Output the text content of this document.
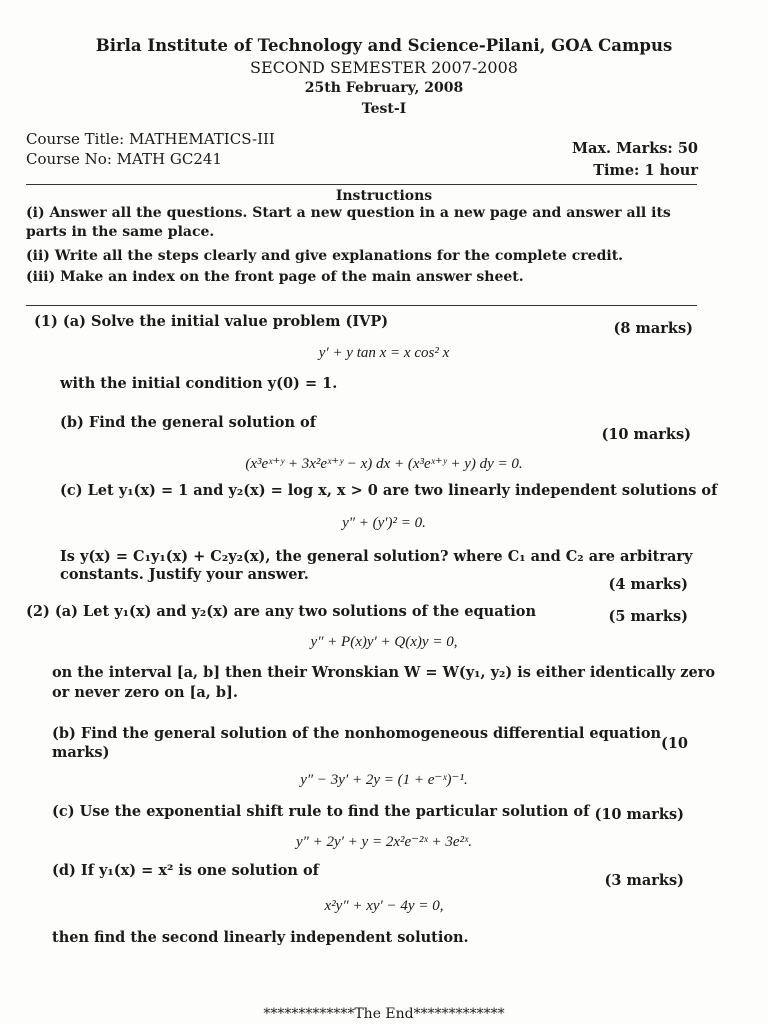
Birla Institute of Technology and Science-Pilani, GOA Campus
SECOND SEMESTER 2007-2008
25th February, 2008
Test-I
Course Title: MATHEMATICS-III
Course No: MATH GC241
Max. Marks: 50
Time: 1 hour
Instructions
(i) Answer all the questions. Start a new question in a new page and answer all its
parts in the same place.
(ii) Write all the steps clearly and give explanations for the complete credit.
(iii) Make an index on the front page of the main answer sheet.
(1) (a) Solve the initial value problem (IVP)	(8 marks)
y′ + y tan x = x cos² x
with the initial condition y(0) = 1.
(b) Find the general solution of
(10 marks)
(x³eˣ⁺ʸ + 3x²eˣ⁺ʸ − x) dx + (x³eˣ⁺ʸ + y) dy = 0.
(c) Let y₁(x) = 1 and y₂(x) = log x, x > 0 are two linearly independent solutions of
y″ + (y′)² = 0.
Is y(x) = C₁y₁(x) + C₂y₂(x), the general solution? where C₁ and C₂ are arbitrary
constants. Justify your answer.
(4 marks)
(2) (a) Let y₁(x) and y₂(x) are any two solutions of the equation	(5 marks)
y″ + P(x)y′ + Q(x)y = 0,
on the interval [a, b] then their Wronskian W = W(y₁, y₂) is either identically zero
or never zero on [a, b].
(b) Find the general solution of the nonhomogeneous differential equation
(10
marks)
y″ − 3y′ + 2y = (1 + e⁻ˣ)⁻¹.
(c) Use the exponential shift rule to find the particular solution of (10 marks)
y″ + 2y′ + y = 2x²e⁻²ˣ + 3e²ˣ.
(d) If y₁(x) = x² is one solution of
(3 marks)
x²y″ + xy′ − 4y = 0,
then find the second linearly independent solution.
*************The End*************
